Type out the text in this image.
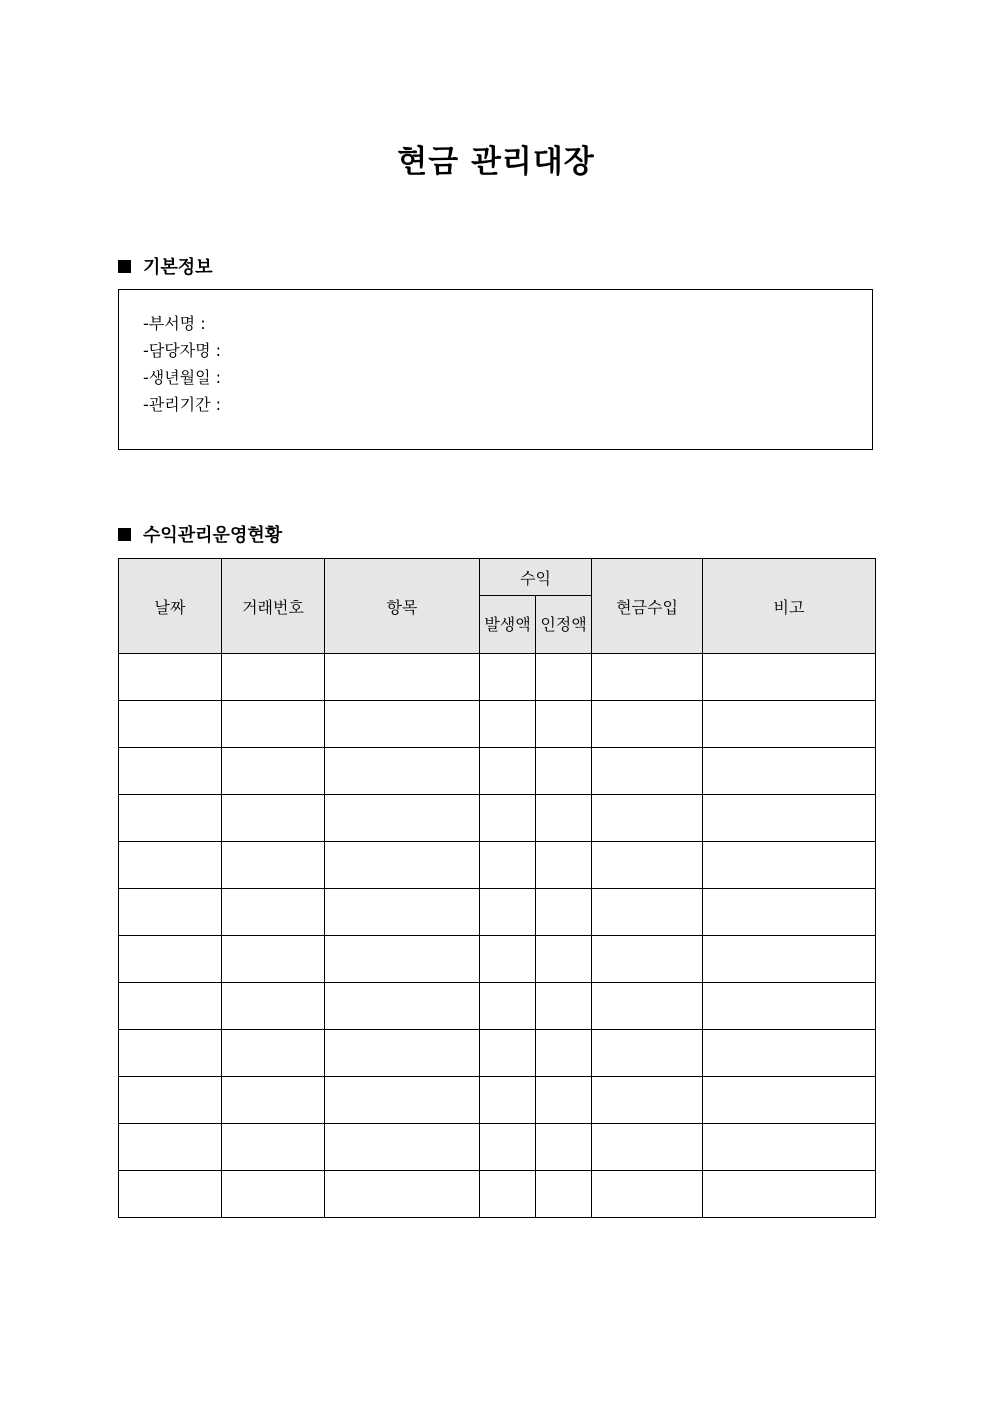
현금 관리대장
기본정보
-부서명 :
-담당자명 :
-생년월일 :
-관리기간 :
수익관리운영현황
날짜	거래번호	항목	수익		현금수입	비고
			발생액	인정액		
